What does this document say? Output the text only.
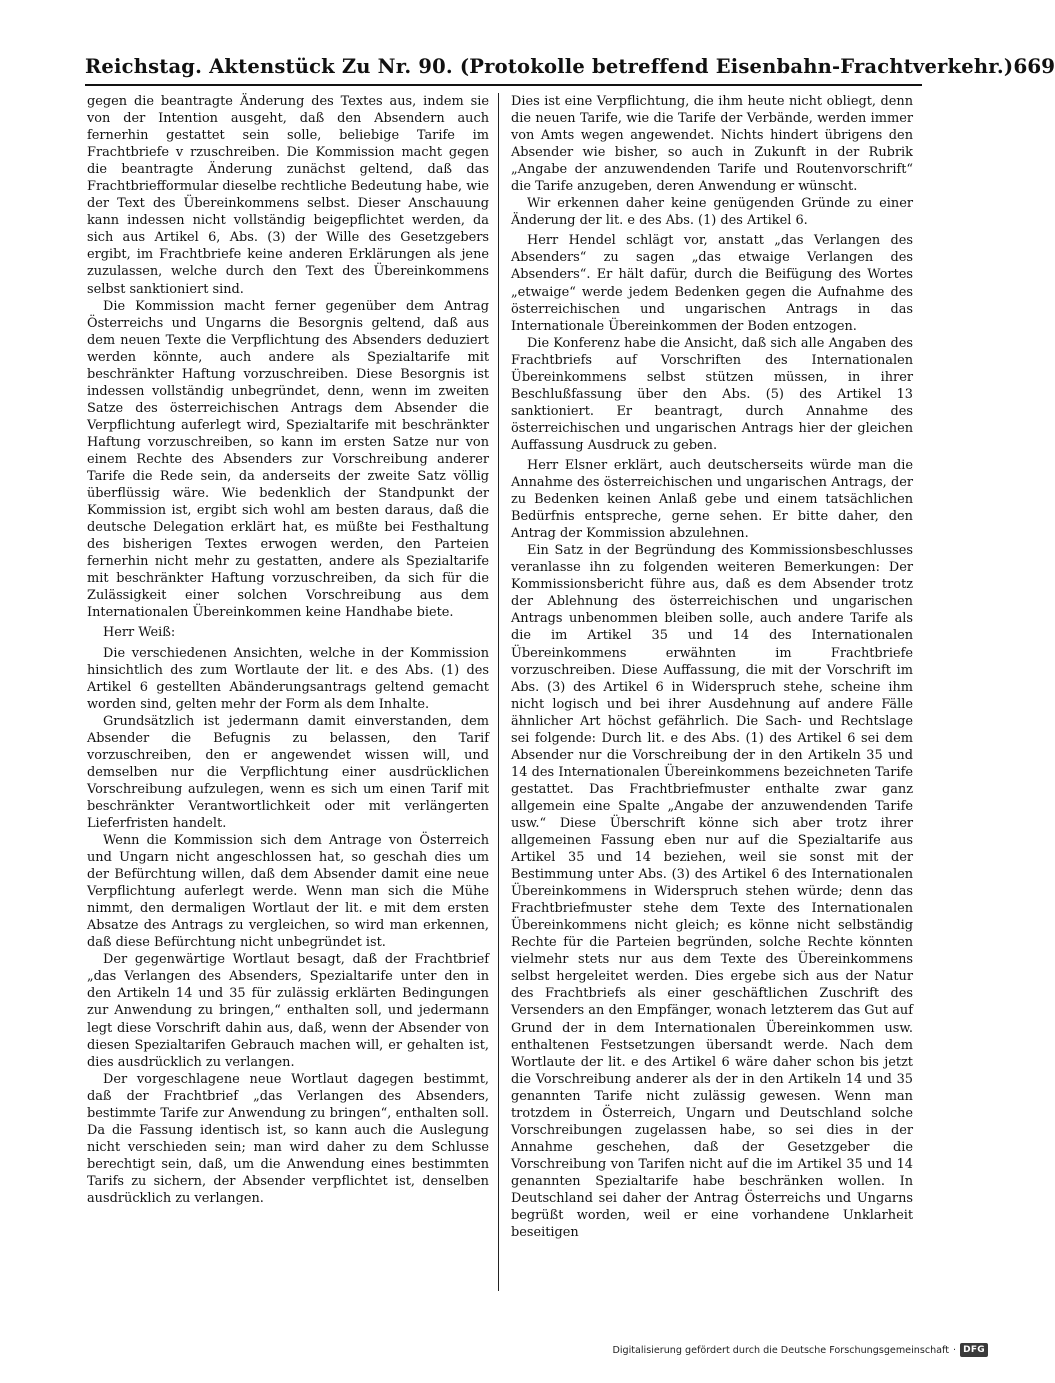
Reichstag. Aktenstück Zu Nr. 90. (Protokolle betreffend Eisenbahn-Frachtverkehr.) 669

gegen die beantragte Änderung des Textes aus, indem sie von der Intention ausgeht, daß den Absendern auch fernerhin gestattet sein solle, beliebige Tarife im Frachtbriefe v rzuschreiben. Die Kommission macht gegen die beantragte Änderung zunächst geltend, daß das Frachtbriefformular dieselbe rechtliche Bedeutung habe, wie der Text des Übereinkommens selbst. Dieser Anschauung kann indessen nicht vollständig beigepflichtet werden, da sich aus Artikel 6, Abs. (3) der Wille des Gesetzgebers ergibt, im Frachtbriefe keine anderen Erklärungen als jene zuzulassen, welche durch den Text des Übereinkommens selbst sanktioniert sind.

Die Kommission macht ferner gegenüber dem Antrag Österreichs und Ungarns die Besorgnis geltend, daß aus dem neuen Texte die Verpflichtung des Absenders deduziert werden könnte, auch andere als Spezialtarife mit beschränkter Haftung vorzuschreiben. Diese Besorgnis ist indessen vollständig unbegründet, denn, wenn im zweiten Satze des österreichischen Antrags dem Absender die Verpflichtung auferlegt wird, Spezialtarife mit beschränkter Haftung vorzuschreiben, so kann im ersten Satze nur von einem Rechte des Absenders zur Vorschreibung anderer Tarife die Rede sein, da anderseits der zweite Satz völlig überflüssig wäre. Wie bedenklich der Standpunkt der Kommission ist, ergibt sich wohl am besten daraus, daß die deutsche Delegation erklärt hat, es müßte bei Festhaltung des bisherigen Textes erwogen werden, den Parteien fernerhin nicht mehr zu gestatten, andere als Spezialtarife mit beschränkter Haftung vorzuschreiben, da sich für die Zulässigkeit einer solchen Vorschreibung aus dem Internationalen Übereinkommen keine Handhabe biete.

Herr Weiß:

Die verschiedenen Ansichten, welche in der Kommission hinsichtlich des zum Wortlaute der lit. e des Abs. (1) des Artikel 6 gestellten Abänderungsantrags geltend gemacht worden sind, gelten mehr der Form als dem Inhalte.

Grundsätzlich ist jedermann damit einverstanden, dem Absender die Befugnis zu belassen, den Tarif vorzuschreiben, den er angewendet wissen will, und demselben nur die Verpflichtung einer ausdrücklichen Vorschreibung aufzulegen, wenn es sich um einen Tarif mit beschränkter Verantwortlichkeit oder mit verlängerten Lieferfristen handelt.

Wenn die Kommission sich dem Antrage von Österreich und Ungarn nicht angeschlossen hat, so geschah dies um der Befürchtung willen, daß dem Absender damit eine neue Verpflichtung auferlegt werde. Wenn man sich die Mühe nimmt, den dermaligen Wortlaut der lit. e mit dem ersten Absatze des Antrags zu vergleichen, so wird man erkennen, daß diese Befürchtung nicht unbegründet ist.

Der gegenwärtige Wortlaut besagt, daß der Frachtbrief „das Verlangen des Absenders, Spezialtarife unter den in den Artikeln 14 und 35 für zulässig erklärten Bedingungen zur Anwendung zu bringen,“ enthalten soll, und jedermann legt diese Vorschrift dahin aus, daß, wenn der Absender von diesen Spezialtarifen Gebrauch machen will, er gehalten ist, dies ausdrücklich zu verlangen.

Der vorgeschlagene neue Wortlaut dagegen bestimmt, daß der Frachtbrief „das Verlangen des Absenders, bestimmte Tarife zur Anwendung zu bringen“, enthalten soll. Da die Fassung identisch ist, so kann auch die Auslegung nicht verschieden sein; man wird daher zu dem Schlusse berechtigt sein, daß, um die Anwendung eines bestimmten Tarifs zu sichern, der Absender verpflichtet ist, denselben ausdrücklich zu verlangen.

Dies ist eine Verpflichtung, die ihm heute nicht obliegt, denn die neuen Tarife, wie die Tarife der Verbände, werden immer von Amts wegen angewendet. Nichts hindert übrigens den Absender wie bisher, so auch in Zukunft in der Rubrik „Angabe der anzuwendenden Tarife und Routenvorschrift“ die Tarife anzugeben, deren Anwendung er wünscht.

Wir erkennen daher keine genügenden Gründe zu einer Änderung der lit. e des Abs. (1) des Artikel 6.

Herr Hendel schlägt vor, anstatt „das Verlangen des Absenders“ zu sagen „das etwaige Verlangen des Absenders“. Er hält dafür, durch die Beifügung des Wortes „etwaige“ werde jedem Bedenken gegen die Aufnahme des österreichischen und ungarischen Antrags in das Internationale Übereinkommen der Boden entzogen.

Die Konferenz habe die Ansicht, daß sich alle Angaben des Frachtbriefs auf Vorschriften des Internationalen Übereinkommens selbst stützen müssen, in ihrer Beschlußfassung über den Abs. (5) des Artikel 13 sanktioniert. Er beantragt, durch Annahme des österreichischen und ungarischen Antrags hier der gleichen Auffassung Ausdruck zu geben.

Herr Elsner erklärt, auch deutscherseits würde man die Annahme des österreichischen und ungarischen Antrags, der zu Bedenken keinen Anlaß gebe und einem tatsächlichen Bedürfnis entspreche, gerne sehen. Er bitte daher, den Antrag der Kommission abzulehnen.

Ein Satz in der Begründung des Kommissionsbeschlusses veranlasse ihn zu folgenden weiteren Bemerkungen: Der Kommissionsbericht führe aus, daß es dem Absender trotz der Ablehnung des österreichischen und ungarischen Antrags unbenommen bleiben solle, auch andere Tarife als die im Artikel 35 und 14 des Internationalen Übereinkommens erwähnten im Frachtbriefe vorzuschreiben. Diese Auffassung, die mit der Vorschrift im Abs. (3) des Artikel 6 in Widerspruch stehe, scheine ihm nicht logisch und bei ihrer Ausdehnung auf andere Fälle ähnlicher Art höchst gefährlich. Die Sach- und Rechtslage sei folgende: Durch lit. e des Abs. (1) des Artikel 6 sei dem Absender nur die Vorschreibung der in den Artikeln 35 und 14 des Internationalen Übereinkommens bezeichneten Tarife gestattet. Das Frachtbriefmuster enthalte zwar ganz allgemein eine Spalte „Angabe der anzuwendenden Tarife usw.“ Diese Überschrift könne sich aber trotz ihrer allgemeinen Fassung eben nur auf die Spezialtarife aus Artikel 35 und 14 beziehen, weil sie sonst mit der Bestimmung unter Abs. (3) des Artikel 6 des Internationalen Übereinkommens in Widerspruch stehen würde; denn das Frachtbriefmuster stehe dem Texte des Internationalen Übereinkommens nicht gleich; es könne nicht selbständig Rechte für die Parteien begründen, solche Rechte könnten vielmehr stets nur aus dem Texte des Übereinkommens selbst hergeleitet werden. Dies ergebe sich aus der Natur des Frachtbriefs als einer geschäftlichen Zuschrift des Versenders an den Empfänger, wonach letzterem das Gut auf Grund der in dem Internationalen Übereinkommen usw. enthaltenen Festsetzungen übersandt werde. Nach dem Wortlaute der lit. e des Artikel 6 wäre daher schon bis jetzt die Vorschreibung anderer als der in den Artikeln 14 und 35 genannten Tarife nicht zulässig gewesen. Wenn man trotzdem in Österreich, Ungarn und Deutschland solche Vorschreibungen zugelassen habe, so sei dies in der Annahme geschehen, daß der Gesetzgeber die Vorschreibung von Tarifen nicht auf die im Artikel 35 und 14 genannten Spezialtarife habe beschränken wollen. In Deutschland sei daher der Antrag Österreichs und Ungarns begrüßt worden, weil er eine vorhandene Unklarheit beseitigen

Digitalisierung gefördert durch die Deutsche Forschungsgemeinschaft · DFG
